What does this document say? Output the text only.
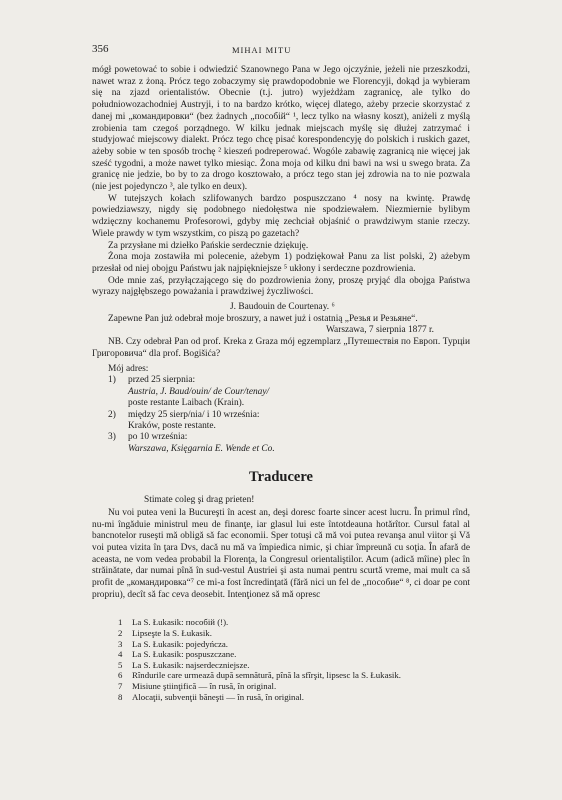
356	MIHAI MITU

mógł powetować to sobie i odwiedzić Szanownego Pana w Jego ojczyźnie, jeżeli nie przeszkodzi, nawet wraz z żoną. Prócz tego zobaczymy się prawdopodobnie we Florencyji, dokąd ja wybieram się na zjazd orientalistów. Obecnie (t.j. jutro) wyjeżdżam zagranicę, ale tylko do południowozachodniej Austryji, i to na bardzo krótko, więcej dlatego, ażeby przecie skorzystać z danej mi „командировки“ (bez żadnych „пособій“ ¹, lecz tylko na własny koszt), aniżeli z myślą zrobienia tam czegoś porządnego. W kilku jednak miejscach myślę się dłużej zatrzymać i studyjować miejscowy dialekt. Prócz tego chcę pisać korespondencyję do polskich i ruskich gazet, ażeby sobie w ten sposób trochę ² kieszeń podreperować. Wogóle zabawię zagranicą nie więcej jak sześć tygodni, a może nawet tylko miesiąc. Żona moja od kilku dni bawi na wsi u swego brata. Za granicę nie jedzie, bo by to za drogo kosztowało, a prócz tego stan jej zdrowia na to nie pozwala (nie jest pojedynczo ³, ale tylko en deux).

W tutejszych kołach szlifowanych bardzo pospuszczano ⁴ nosy na kwintę. Prawdę powiedziawszy, nigdy się podobnego niedołęstwa nie spodziewałem. Niezmiernie bylibym wdzięczny kochanemu Profesorowi, gdyby mię zechciał objaśnić o prawdziwym stanie rzeczy. Wiele prawdy w tym wszystkim, co piszą po gazetach?

Za przysłane mi dziełko Pańskie serdecznie dziękuję.

Żona moja zostawiła mi polecenie, ażebym 1) podziękował Panu za list polski, 2) ażebym przesłał od niej obojgu Państwu jak najpiękniejsze ⁵ ukłony i serdeczne pozdrowienia.

Ode mnie zaś, przyłączającego się do pozdrowienia żony, proszę pryjąć dla obojga Państwa wyrazy najgłębszego poważania i prawdziwej życzliwości.

J. Baudouin de Courtenay. ⁶

Zapewne Pan już odebrał moje broszury, a nawet już i ostatnią „Резья и Резьяне“.

Warszawa, 7 sierpnia 1877 r.

NB. Czy odebrał Pan od prof. Kreka z Graza mój egzemplarz „Путешествія по Европ. Турціи Григоровича“ dla prof. Bogišića?

Mój adres:

1)	przed 25 sierpnia:
Austria, J. Baud/ouin/ de Cour/tenay/
poste restante Laibach (Krain).
2)	między 25 sierp/nia/ i 10 września:
Kraków, poste restante.
3)	po 10 września:
Warszawa, Księgarnia E. Wende et Co.
Traducere

Stimate coleg şi drag prieten!

Nu voi putea veni la Bucureşti în acest an, deşi doresc foarte sincer acest lucru. În primul rînd, nu-mi îngăduie ministrul meu de finanţe, iar glasul lui este întotdeauna hotărîtor. Cursul fatal al bancnotelor ruseşti mă obligă să fac economii. Sper totuşi că mă voi putea revanşa anul viitor şi Vă voi putea vizita în ţara Dvs, dacă nu mă va împiedica nimic, şi chiar împreună cu soţia. În afară de aceasta, ne vom vedea probabil la Florenţa, la Congresul orientaliştilor. Acum (adică mîine) plec în străinătate, dar numai pînă în sud-vestul Austriei şi asta numai pentru scurtă vreme, mai mult ca să profit de „командировка“⁷ ce mi-a fost încredinţată (fără nici un fel de „пособие“ ⁸, ci doar pe cont propriu), decît să fac ceva deosebit. Intenţionez să mă opresc

1	La S. Łukasik: пособій (!).
2	Lipseşte la S. Łukasik.
3	La S. Łukasik: pojedyńcza.
4	La S. Łukasik: pospuszczane.
5	La S. Łukasik: najserdeczniejsze.
6	Rîndurile care urmează după semnătură, pînă la sfîrşit, lipsesc la S. Łukasik.
7	Misiune ştiinţifică — în rusă, în original.
8	Alocaţii, subvenţii băneşti — în rusă, în original.
